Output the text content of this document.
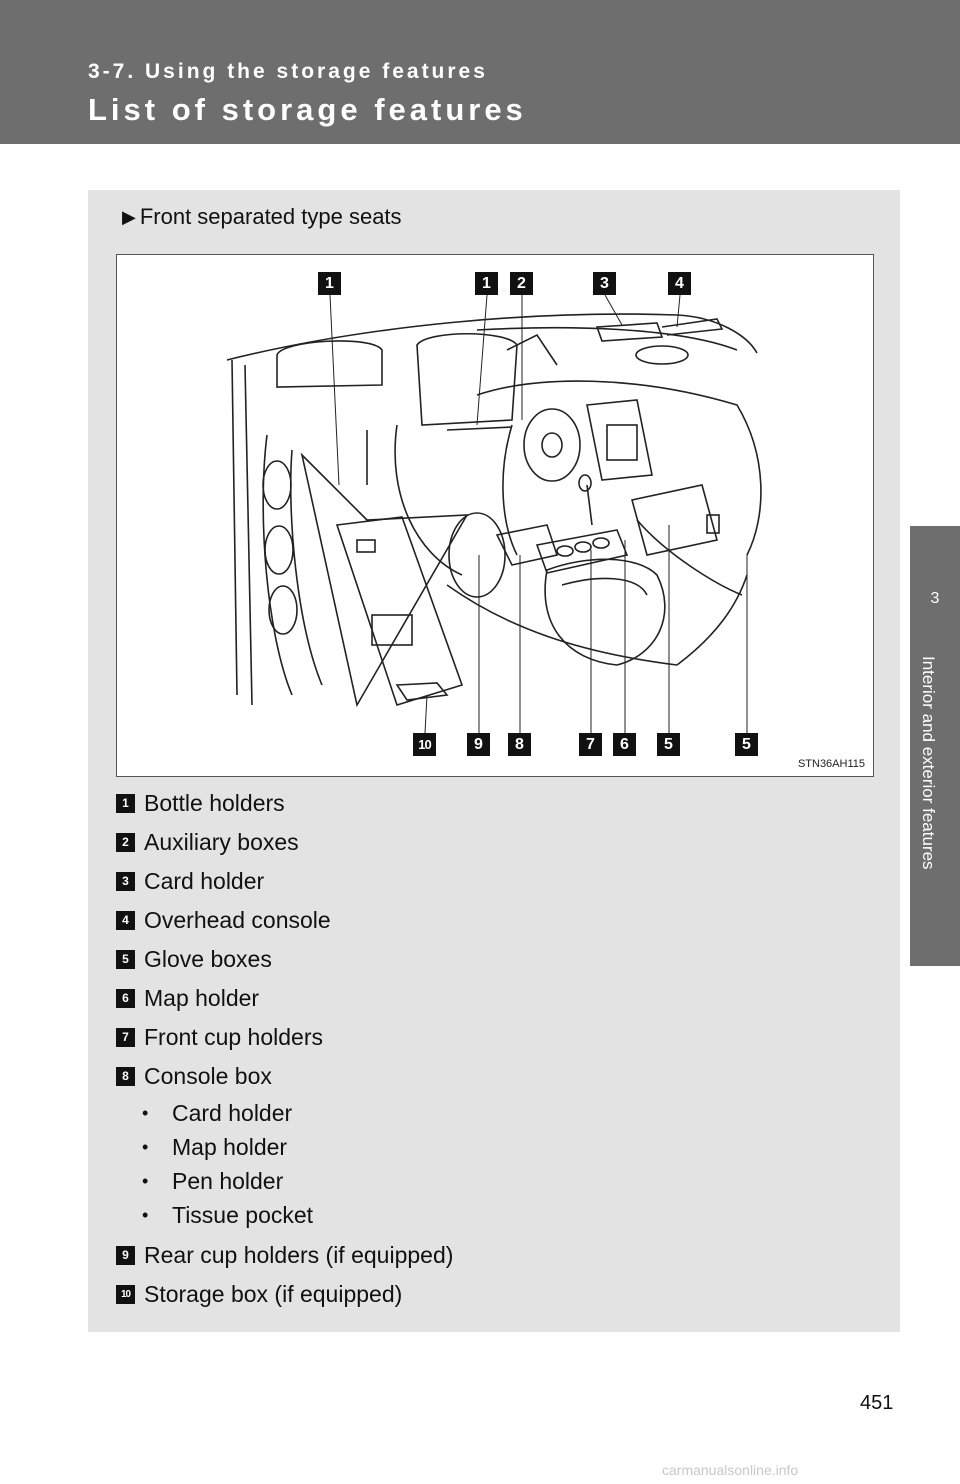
3-7. Using the storage features
List of storage features
3
Interior and exterior features
▶ Front separated type seats
1	1	2	3	4
10	9	8	7	6	5	5
STN36AH115
1 Bottle holders
2 Auxiliary boxes
3 Card holder
4 Overhead console
5 Glove boxes
6 Map holder
7 Front cup holders
8 Console box
•	Card holder
•	Map holder
•	Pen holder
•	Tissue pocket
9 Rear cup holders (if equipped)
10 Storage box (if equipped)
451
carmanualsonline.info
